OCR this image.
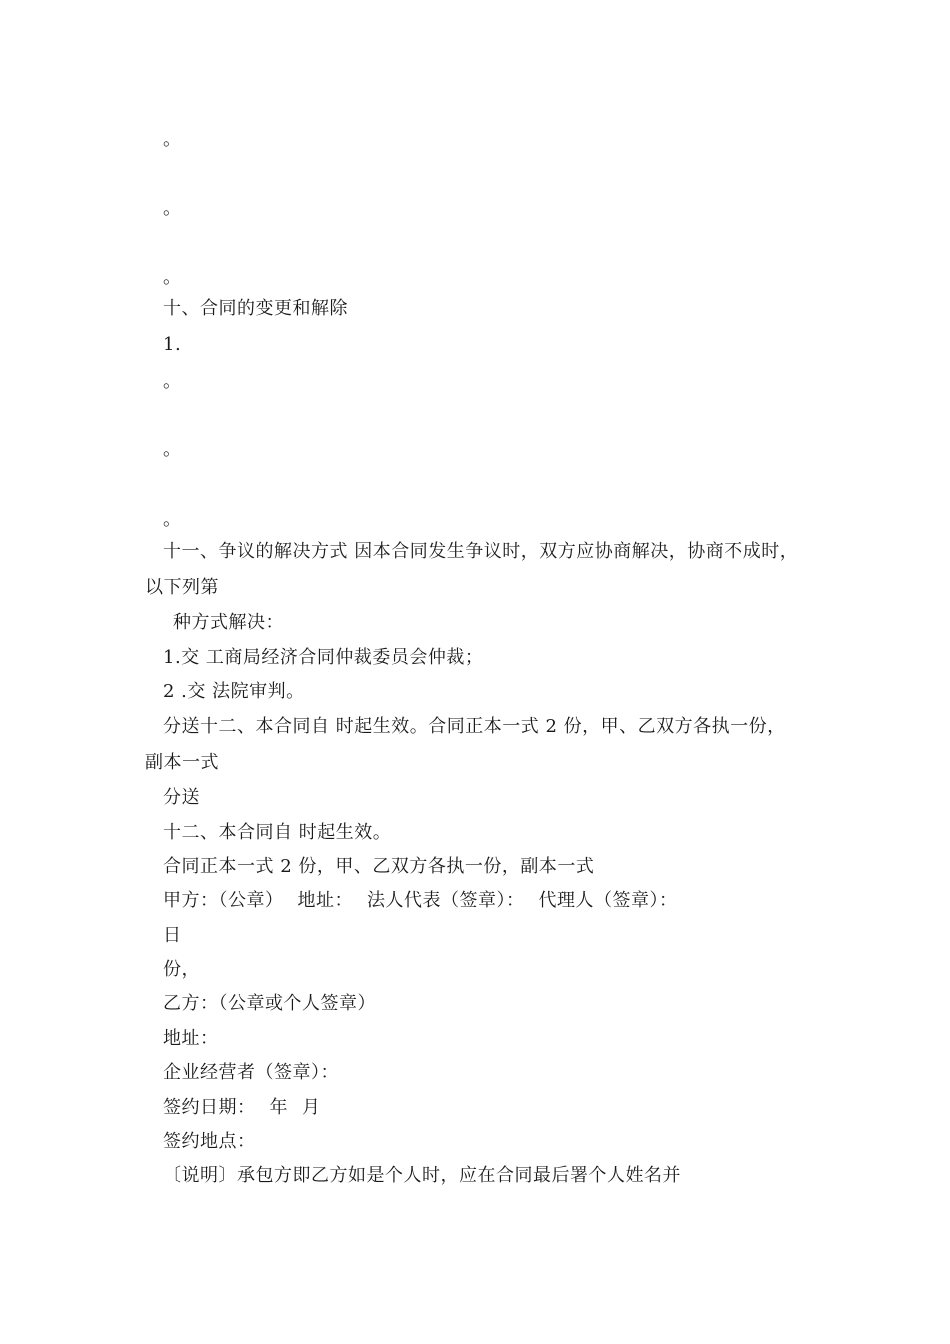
。
。
。
十、合同的变更和解除
1.
。
。
。
十一、争议的解决方式 因本合同发生争议时，双方应协商解决，协商不成时，
以下列第
种方式解决：
1.交 工商局经济合同仲裁委员会仲裁；
2 .交 法院审判。
分送十二、本合同自 时起生效。合同正本一式 2 份，甲、乙双方各执一份，
副本一式
分送
十二、本合同自 时起生效。
合同正本一式 2 份，甲、乙双方各执一份，副本一式
甲方：（公章） 地址： 法人代表（签章）： 代理人（签章）：
日
份，
乙方：（公章或个人签章）
地址：
企业经营者（签章）：
签约日期： 年 月
签约地点：
〔说明〕承包方即乙方如是个人时，应在合同最后署个人姓名并
